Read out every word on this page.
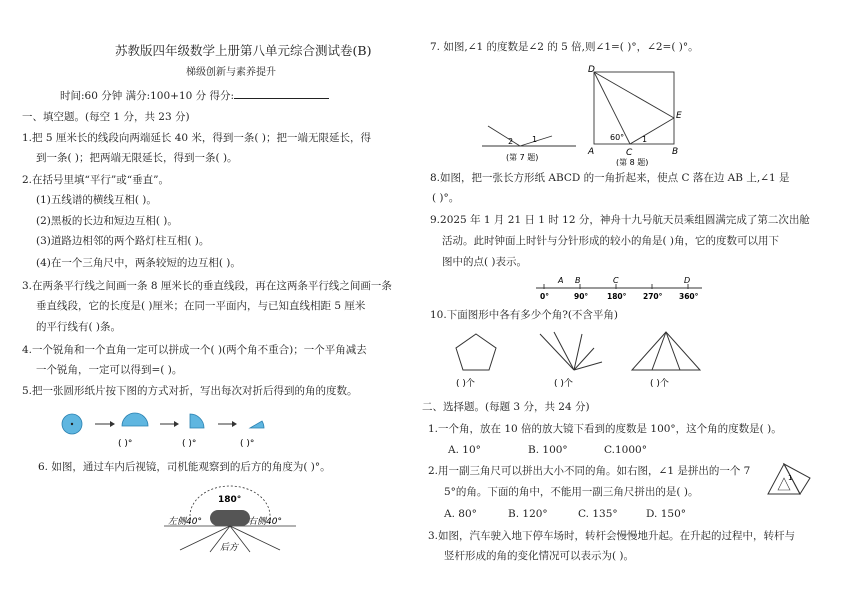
苏教版四年级数学上册第八单元综合测试卷(B)
梯级创新与素养提升
时间:60 分钟 满分:100+10 分 得分:
一、填空题。(每空 1 分，共 23 分)
1.把 5 厘米长的线段向两端延长 40 米，得到一条( )；把一端无限延长，得
到一条( )；把两端无限延长，得到一条( )。
2.在括号里填“平行”或“垂直”。
(1)五线谱的横线互相( )。
(2)黑板的长边和短边互相( )。
(3)道路边相邻的两个路灯柱互相( )。
(4)在一个三角尺中，两条较短的边互相( )。
3.在两条平行线之间画一条 8 厘米长的垂直线段，再在这两条平行线之间画一条
垂直线段，它的长度是( )厘米；在同一平面内，与已知直线相距 5 厘米
的平行线有( )条。
4.一个锐角和一个直角一定可以拼成一个( )(两个角不重合)；一个平角减去
一个锐角，一定可以得到=( )。
5.把一张圆形纸片按下图的方式对折，写出每次对折后得到的角的度数。
( )°	( )°	( )°
6. 如图，通过车内后视镜，司机能观察到的后方的角度为( )°。
180°
左侧40°	右侧40°
后方
7. 如图,∠1 的度数是∠2 的 5 倍,则∠1=( )°，∠2=( )°。
2 1
(第 7 题)
D
A	C	B
E
60° 1
(第 8 题)
8.如图，把一张长方形纸 ABCD 的一角折起来，使点 C 落在边 AB 上,∠1 是
( )°。
9.2025 年 1 月 21 日 1 时 12 分，神舟十九号航天员乘组圆满完成了第二次出舱
活动。此时钟面上时针与分针形成的较小的角是( )角，它的度数可以用下
图中的点( )表示。
A B	C	D
0°	90°	180° 270° 360°
10.下面图形中各有多少个角?(不含平角)
( )个	( )个	( )个
二、选择题。(每题 3 分，共 24 分)
1.一个角，放在 10 倍的放大镜下看到的度数是 100°，这个角的度数是( )。
A. 10°	B. 100°	C.1000°
2.用一副三角尺可以拼出大小不同的角。如右图，∠1 是拼出的一个 7
5°的角。下面的角中，不能用一副三角尺拼出的是( )。
1
A. 80°	B. 120°	C. 135°	D. 150°
3.如图，汽车驶入地下停车场时，转杆会慢慢地升起。在升起的过程中，转杆与
竖杆形成的角的变化情况可以表示为( )。
